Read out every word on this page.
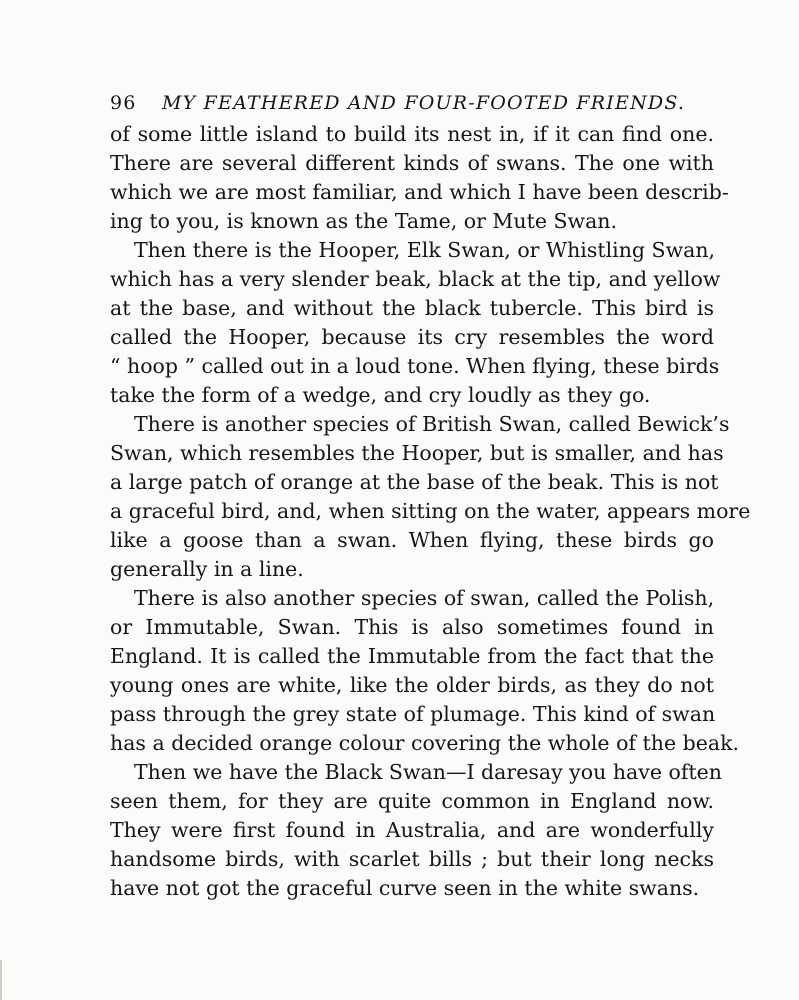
96 MY FEATHERED AND FOUR-FOOTED FRIENDS.

of some little island to build its nest in, if it can find one.
There are several different kinds of swans. The one with
which we are most familiar, and which I have been describ-
ing to you, is known as the Tame, or Mute Swan.

Then there is the Hooper, Elk Swan, or Whistling Swan,
which has a very slender beak, black at the tip, and yellow
at the base, and without the black tubercle. This bird is
called the Hooper, because its cry resembles the word
“ hoop ” called out in a loud tone. When flying, these birds
take the form of a wedge, and cry loudly as they go.

There is another species of British Swan, called Bewick’s
Swan, which resembles the Hooper, but is smaller, and has
a large patch of orange at the base of the beak. This is not
a graceful bird, and, when sitting on the water, appears more
like a goose than a swan. When flying, these birds go
generally in a line.

There is also another species of swan, called the Polish,
or Immutable, Swan. This is also sometimes found in
England. It is called the Immutable from the fact that the
young ones are white, like the older birds, as they do not
pass through the grey state of plumage. This kind of swan
has a decided orange colour covering the whole of the beak.

Then we have the Black Swan—I daresay you have often
seen them, for they are quite common in England now.
They were first found in Australia, and are wonderfully
handsome birds, with scarlet bills ; but their long necks
have not got the graceful curve seen in the white swans.
